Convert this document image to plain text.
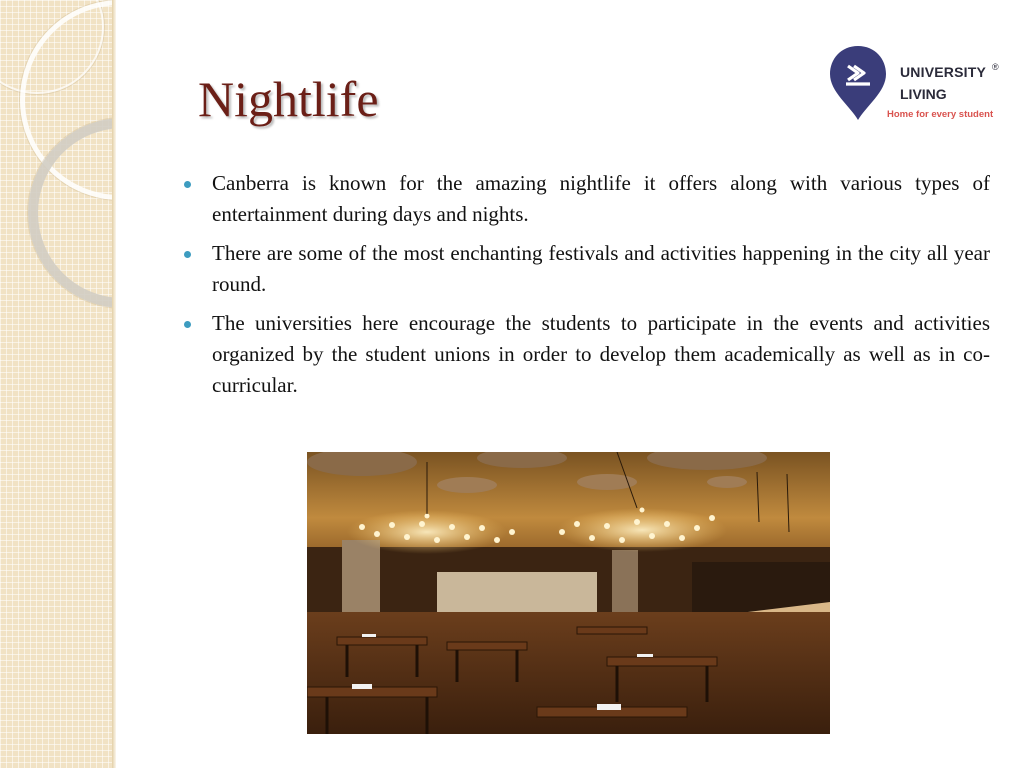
Nightlife	UNIVERSITY ®
LIVING
Home for every student
Canberra is known for the amazing nightlife it offers along with various types of entertainment during days and nights.
There are some of the most enchanting festivals and activities happening in the city all year round.
The universities here encourage the students to participate in the events and activities organized by the student unions in order to develop them academically as well as in co-curricular.
